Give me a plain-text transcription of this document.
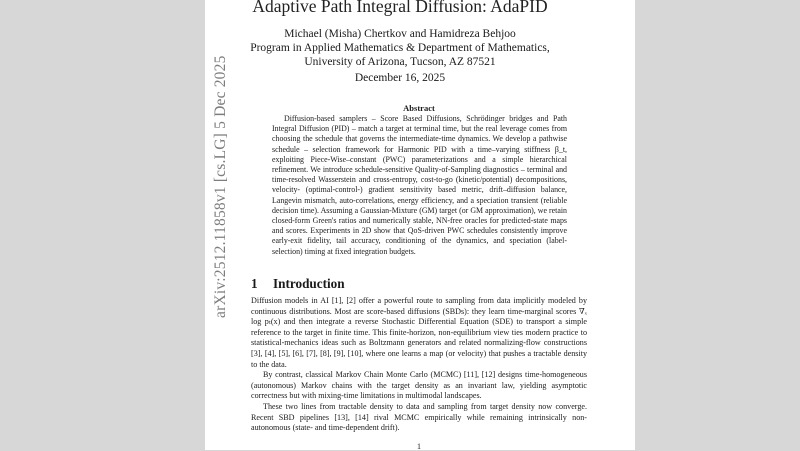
arXiv:2512.11858v1 [cs.LG] 5 Dec 2025
Adaptive Path Integral Diffusion: AdaPID
Michael (Misha) Chertkov and Hamidreza Behjoo
Program in Applied Mathematics & Department of Mathematics,
University of Arizona, Tucson, AZ 87521
December 16, 2025
Abstract

Diffusion-based samplers – Score Based Diffusions, Schrödinger bridges and Path Integral Diffusion (PID) – match a target at terminal time, but the real leverage comes from choosing the schedule that governs the intermediate-time dynamics. We develop a pathwise schedule – selection framework for Harmonic PID with a time–varying stiffness β_t, exploiting Piece-Wise–constant (PWC) parameterizations and a simple hierarchical refinement. We introduce schedule-sensitive Quality-of-Sampling diagnostics – terminal and time-resolved Wasserstein and cross-entropy, cost-to-go (kinetic/potential) decompositions, velocity- (optimal-control-) gradient sensitivity based metric, drift–diffusion balance, Langevin mismatch, auto-correlations, energy efficiency, and a speciation transient (reliable decision time). Assuming a Gaussian-Mixture (GM) target (or GM approximation), we retain closed-form Green's ratios and numerically stable, NN-free oracles for predicted-state maps and scores. Experiments in 2D show that QoS-driven PWC schedules consistently improve early-exit fidelity, tail accuracy, conditioning of the dynamics, and speciation (label-selection) timing at fixed integration budgets.

1 Introduction

Diffusion models in AI [1], [2] offer a powerful route to sampling from data implicitly modeled by continuous distributions. Most are score-based diffusions (SBDs): they learn time-marginal scores ∇ₓ log pₜ(x) and then integrate a reverse Stochastic Differential Equation (SDE) to transport a simple reference to the target in finite time. This finite-horizon, non-equilibrium view ties modern practice to statistical-mechanics ideas such as Boltzmann generators and related normalizing-flow constructions [3], [4], [5], [6], [7], [8], [9], [10], where one learns a map (or velocity) that pushes a tractable density to the data.

By contrast, classical Markov Chain Monte Carlo (MCMC) [11], [12] designs time-homogeneous (autonomous) Markov chains with the target density as an invariant law, yielding asymptotic correctness but with mixing-time limitations in multimodal landscapes.

These two lines from tractable density to data and sampling from target density now converge. Recent SBD pipelines [13], [14] rival MCMC empirically while remaining intrinsically non-autonomous (state- and time-dependent drift).

1
